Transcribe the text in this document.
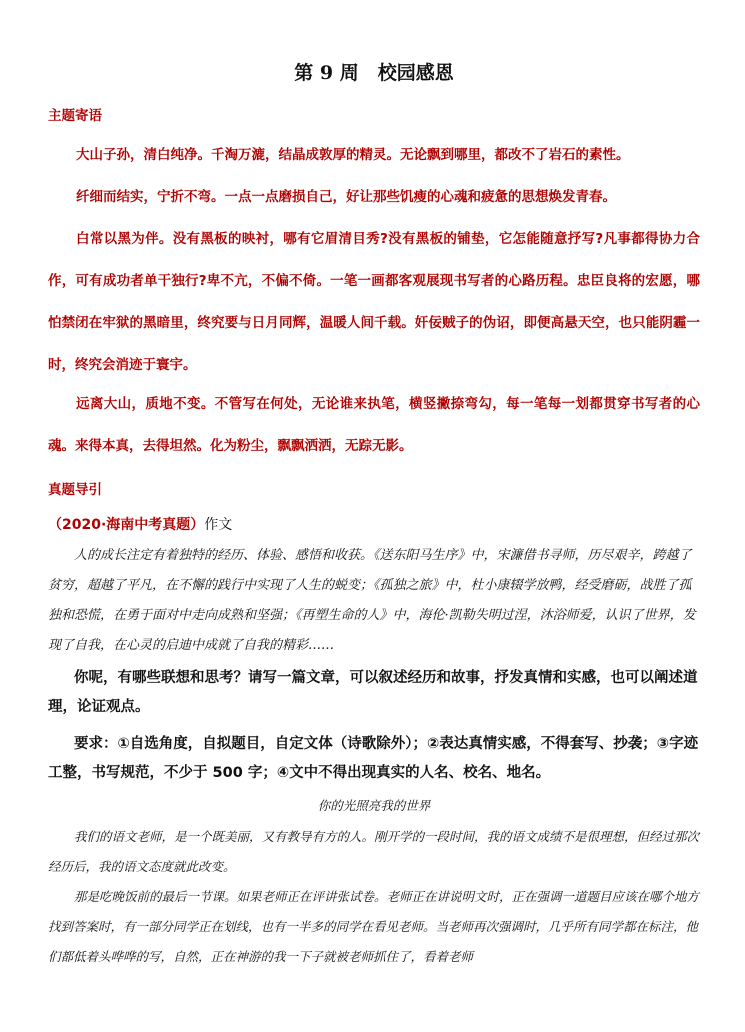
第 9 周　校园感恩
主题寄语
大山子孙，清白纯净。千淘万漉，结晶成敦厚的精灵。无论飘到哪里，都改不了岩石的素性。
纤细而结实，宁折不弯。一点一点磨损自己，好让那些饥瘦的心魂和疲惫的思想焕发青春。
白常以黑为伴。没有黑板的映衬，哪有它眉清目秀?没有黑板的铺垫，它怎能随意抒写?凡事都得协力合作，可有成功者单干独行?卑不亢，不偏不倚。一笔一画都客观展现书写者的心路历程。忠臣良将的宏愿，哪怕禁闭在牢狱的黑暗里，终究要与日月同辉，温暖人间千载。奸佞贼子的伪诏，即便高悬天空，也只能阴霾一时，终究会消迹于寰宇。
远离大山，质地不变。不管写在何处，无论谁来执笔，横竖撇捺弯勾，每一笔每一划都贯穿书写者的心魂。来得本真，去得坦然。化为粉尘，飘飘洒洒，无踪无影。
真题导引
（2020·海南中考真题）作文
人的成长注定有着独特的经历、体验、感悟和收获。《送东阳马生序》中，宋濂借书寻师，历尽艰辛，跨越了贫穷，超越了平凡，在不懈的践行中实现了人生的蜕变；《孤独之旅》中，杜小康辍学放鸭，经受磨砺，战胜了孤独和恐慌，在勇于面对中走向成熟和坚强；《再塑生命的人》中，海伦·凯勒失明过涅，沐浴师爱，认识了世界，发现了自我，在心灵的启迪中成就了自我的精彩……
你呢，有哪些联想和思考？请写一篇文章，可以叙述经历和故事，抒发真情和实感，也可以阐述道理，论证观点。
要求：①自选角度，自拟题目，自定文体（诗歌除外）；②表达真情实感，不得套写、抄袭；③字迹工整，书写规范，不少于 500 字；④文中不得出现真实的人名、校名、地名。
你的光照亮我的世界
我们的语文老师，是一个既美丽，又有教导有方的人。刚开学的一段时间，我的语文成绩不是很理想，但经过那次经历后，我的语文态度就此改变。
那是吃晚饭前的最后一节课。如果老师正在评讲张试卷。老师正在讲说明文时，正在强调一道题目应该在哪个地方找到答案时，有一部分同学正在划线，也有一半多的同学在看见老师。当老师再次强调时，几乎所有同学都在标注，他们都低着头哗哗的写，自然，正在神游的我一下子就被老师抓住了，看着老师
